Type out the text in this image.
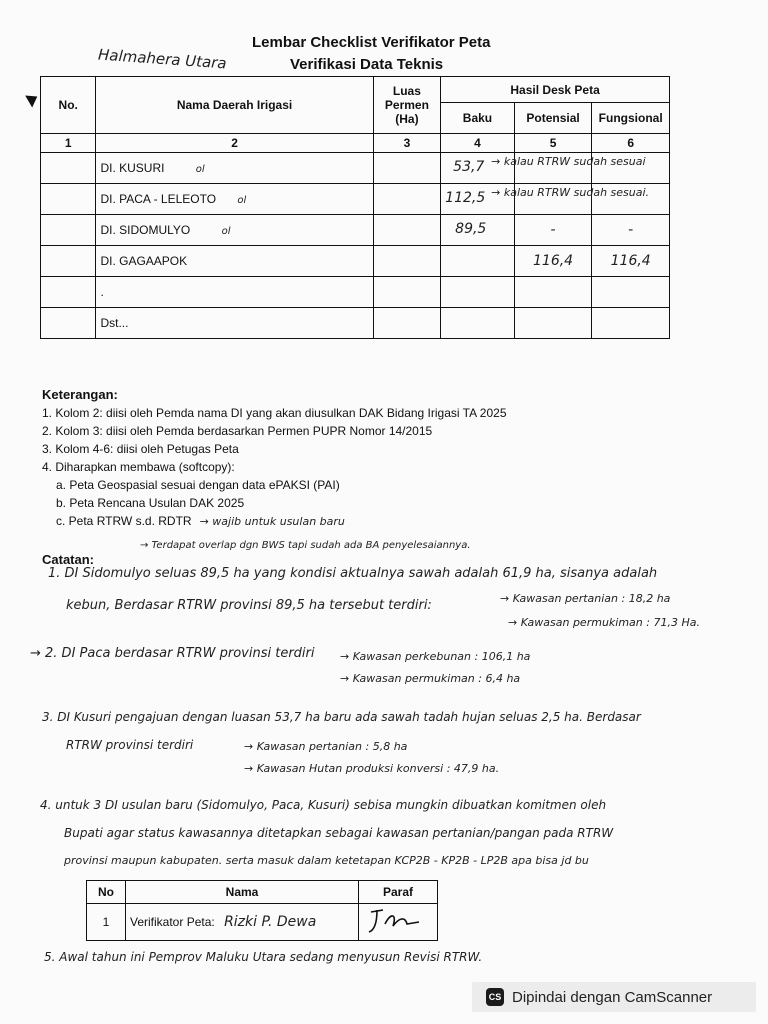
Lembar Checklist Verifikator Peta
Verifikasi Data Teknis
Halmahera Utara
No.	Nama Daerah Irigasi	Luas Permen (Ha)	Hasil Desk Peta		
			Baku	Potensial	Fungsional
1	2	3	4	5	6
	DI. KUSURI ol		53,7 → kalau RTRW sudah sesuai		

	DI. PACA - LELEOTO ol		112,5 → kalau RTRW sudah sesuai.		

	DI. SIDOMULYO ol		89,5	-	-
	DI. GAGAAPOK			116,4	116,4
	.				
	Dst...				
Keterangan:
1. Kolom 2: diisi oleh Pemda nama DI yang akan diusulkan DAK Bidang Irigasi TA 2025
2. Kolom 3: diisi oleh Pemda berdasarkan Permen PUPR Nomor 14/2015
3. Kolom 4-6: diisi oleh Petugas Peta
4. Diharapkan membawa (softcopy):
a. Peta Geospasial sesuai dengan data ePAKSI (PAI)
b. Peta Rencana Usulan DAK 2025
c. Peta RTRW s.d. RDTR → wajib untuk usulan baru
Catatan:
→ Terdapat overlap dgn BWS tapi sudah ada BA penyelesaiannya.
1. DI Sidomulyo seluas 89,5 ha yang kondisi aktualnya sawah adalah 61,9 ha, sisanya adalah
kebun, Berdasar RTRW provinsi 89,5 ha tersebut terdiri:	→ Kawasan pertanian : 18,2 ha
→ Kawasan permukiman : 71,3 Ha.
→ 2. DI Paca berdasar RTRW provinsi terdiri → Kawasan perkebunan : 106,1 ha
→ Kawasan permukiman : 6,4 ha
3. DI Kusuri pengajuan dengan luasan 53,7 ha baru ada sawah tadah hujan seluas 2,5 ha. Berdasar
RTRW provinsi terdiri	→ Kawasan pertanian : 5,8 ha
→ Kawasan Hutan produksi konversi : 47,9 ha.
4. untuk 3 DI usulan baru (Sidomulyo, Paca, Kusuri) sebisa mungkin dibuatkan komitmen oleh
Bupati agar status kawasannya ditetapkan sebagai kawasan pertanian/pangan pada RTRW
provinsi maupun kabupaten. serta masuk dalam ketetapan KCP2B - KP2B - LP2B apa bisa jd bu
No	Nama	Paraf
1	Verifikator Peta: Rizki P. Dewa	
5. Awal tahun ini Pemprov Maluku Utara sedang menyusun Revisi RTRW.
CS Dipindai dengan CamScanner
